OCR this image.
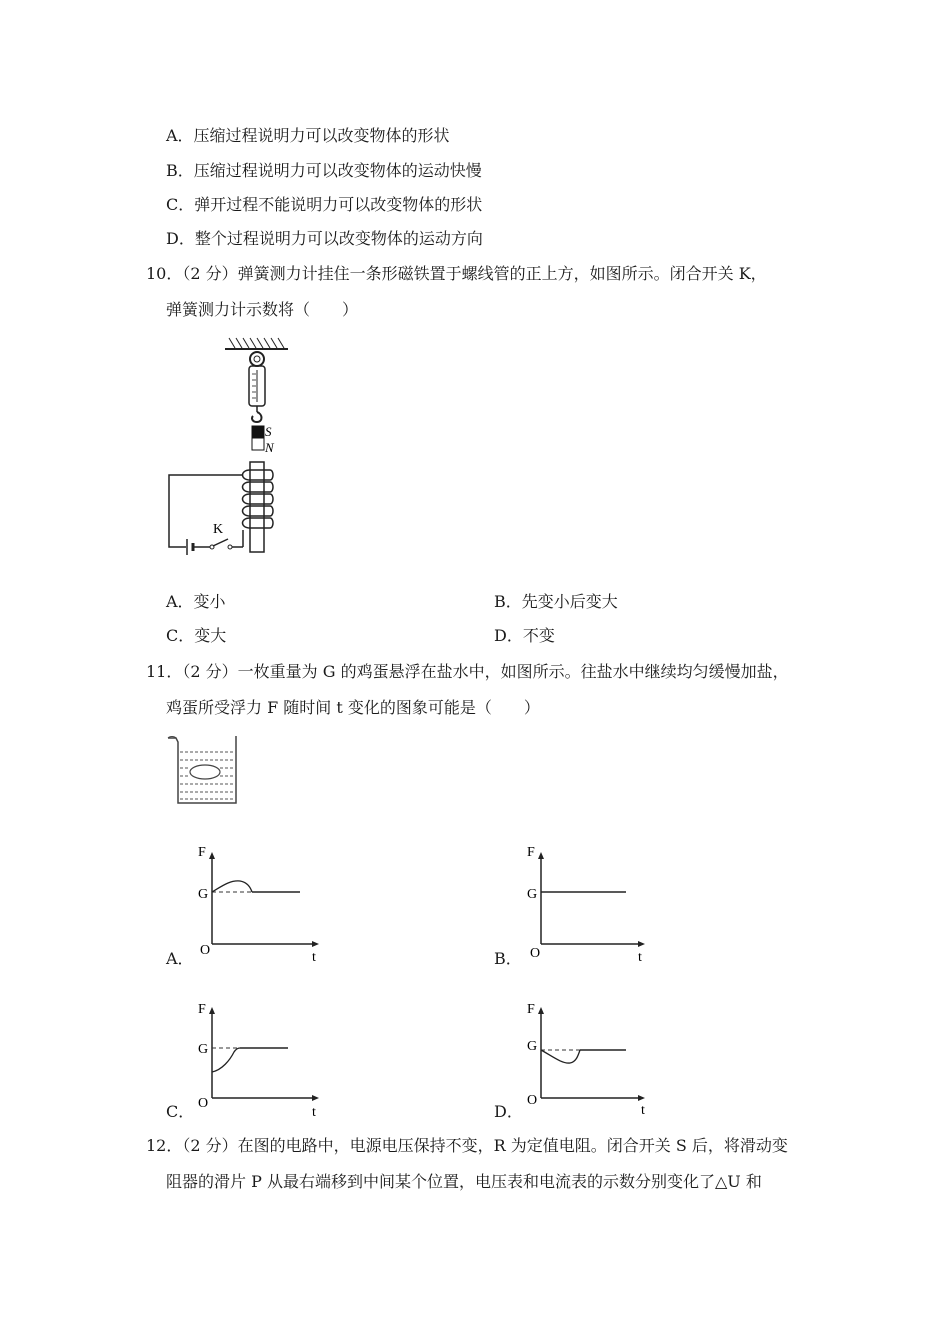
A．压缩过程说明力可以改变物体的形状
B．压缩过程说明力可以改变物体的运动快慢
C．弹开过程不能说明力可以改变物体的形状
D．整个过程说明力可以改变物体的运动方向
10．（2 分）弹簧测力计挂住一条形磁铁置于螺线管的正上方，如图所示。闭合开关 K，
弹簧测力计示数将（　　）
S
N
K
A．变小	B．先变小后变大
C．变大	D．不变
11．（2 分）一枚重量为 G 的鸡蛋悬浮在盐水中，如图所示。往盐水中继续均匀缓慢加盐，
鸡蛋所受浮力 F 随时间 t 变化的图象可能是（　　）
A．
F
G
O	t	B．
F
G
O	t
C．
F
G
O
t	D．
F
G
O
t
12．（2 分）在图的电路中，电源电压保持不变，R 为定值电阻。闭合开关 S 后，将滑动变
阻器的滑片 P 从最右端移到中间某个位置，电压表和电流表的示数分别变化了△U 和
